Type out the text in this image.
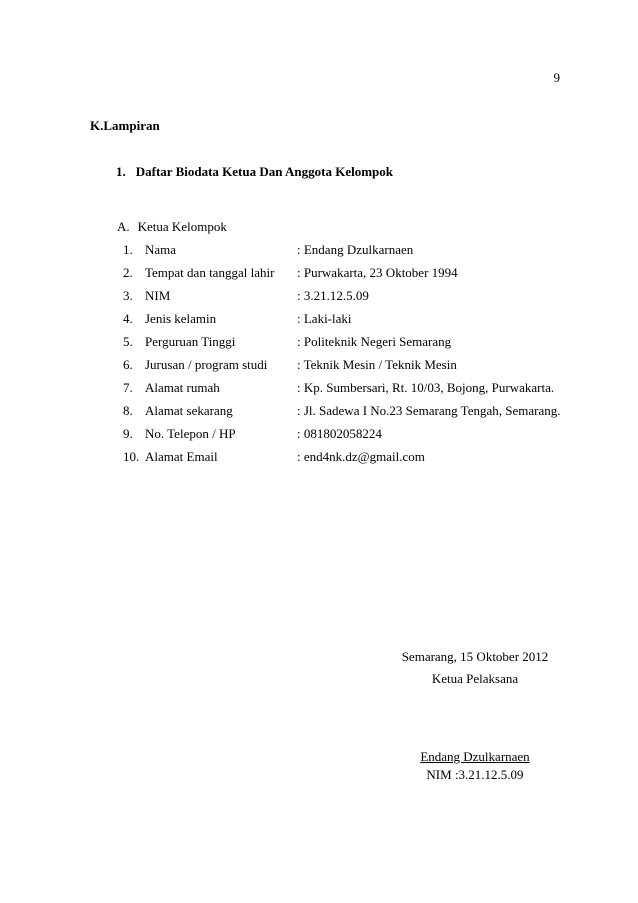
9
K.Lampiran
1. Daftar Biodata Ketua Dan Anggota Kelompok
A. Ketua Kelompok
1. Nama	: Endang Dzulkarnaen
2. Tempat dan tanggal lahir : Purwakarta, 23 Oktober 1994
3. NIM	: 3.21.12.5.09
4. Jenis kelamin	: Laki-laki
5. Perguruan Tinggi	: Politeknik Negeri Semarang
6. Jurusan / program studi : Teknik Mesin / Teknik Mesin
7. Alamat rumah	: Kp. Sumbersari, Rt. 10/03, Bojong, Purwakarta.
8. Alamat sekarang	: Jl. Sadewa I No.23 Semarang Tengah, Semarang.
9. No. Telepon / HP	: 081802058224
10. Alamat Email	: end4nk.dz@gmail.com
Semarang, 15 Oktober 2012
Ketua Pelaksana
Endang Dzulkarnaen
NIM :3.21.12.5.09
